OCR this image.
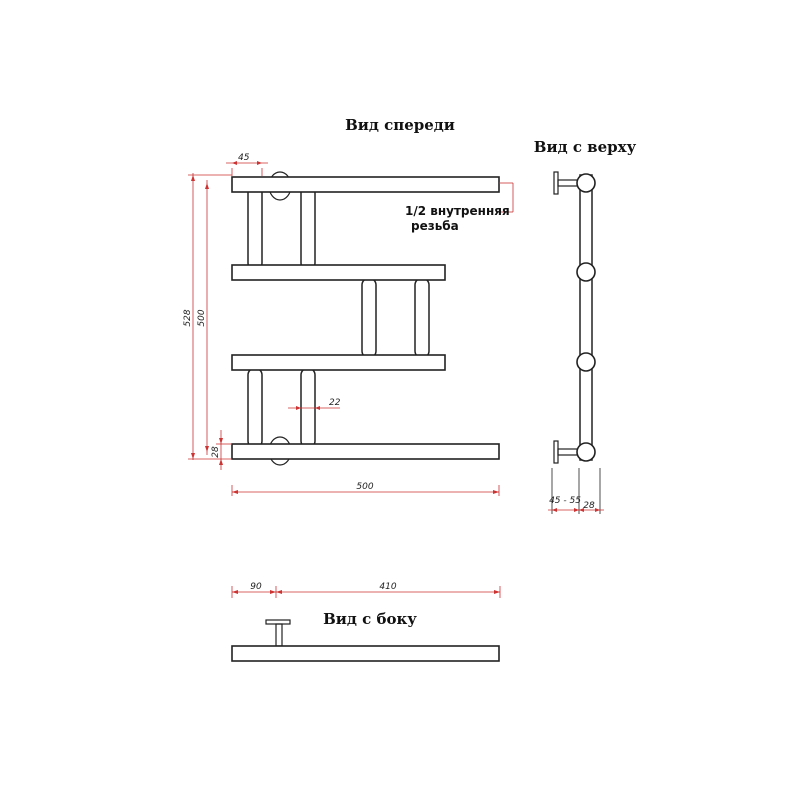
Вид спереди
1/2 внутренняя
резьба
45
528 500
28
22
500
Вид с верху
45 - 55 28
Вид с боку
90	410
